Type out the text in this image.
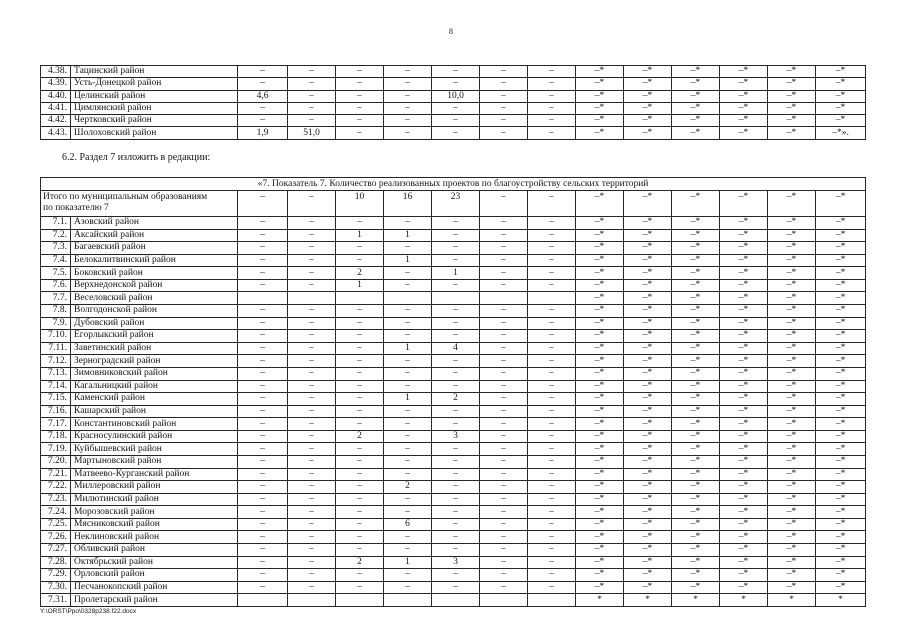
8
4.38.	Тацинский район	–	–	–	–	–	–	–	–*	–*	–*	–*	–*	–*
4.39.	Усть-Донецкой район	–	–	–	–	–	–	–	–*	–*	–*	–*	–*	–*
4.40.	Целинский район	4,6	–	–	–	10,0	–	–	–*	–*	–*	–*	–*	–*
4.41.	Цимлянский район	–	–	–	–	–	–	–	–*	–*	–*	–*	–*	–*
4.42.	Чертковский район	–	–	–	–	–	–	–	–*	–*	–*	–*	–*	–*
4.43.	Шолоховский район	1,9	51,0	–	–	–	–	–	–*	–*	–*	–*	–*	–*».
6.2. Раздел 7 изложить в редакции:
«7. Показатель 7. Количество реализованных проектов по благоустройству сельских территорий														

Итого по муниципальным образованиям
по показателю 7		–	–	10	16	23	–	–	–*	–*	–*	–*	–*	–*
7.1.	Азовский район	–	–	–	–	–	–	–	–*	–*	–*	–*	–*	–*
7.2.	Аксайский район	–	–	1	1	–	–	–	–*	–*	–*	–*	–*	–*
7.3.	Багаевский район	–	–	–	–	–	–	–	–*	–*	–*	–*	–*	–*
7.4.	Белокалитвинский район	–	–	–	1	–	–	–	–*	–*	–*	–*	–*	–*
7.5.	Боковский район	–	–	2	–	1	–	–	–*	–*	–*	–*	–*	–*
7.6.	Верхнедонской район	–	–	1	–	–	–	–	–*	–*	–*	–*	–*	–*
7.7.	Веселовский район								–*	–*	–*	–*	–*	–*
7.8.	Волгодонской район	–	–	–	–	–	–	–	–*	–*	–*	–*	–*	–*
7.9.	Дубовский район	–	–	–	–	–	–	–	–*	–*	–*	–*	–*	–*
7.10.	Егорлыкский район	–	–	–	–	–	–	–	–*	–*	–*	–*	–*	–*
7.11.	Заветинский район	–	–	–	1	4	–	–	–*	–*	–*	–*	–*	–*
7.12.	Зерноградский район	–	–	–	–	–	–	–	–*	–*	–*	–*	–*	–*
7.13.	Зимовниковский район	–	–	–	–	–	–	–	–*	–*	–*	–*	–*	–*
7.14.	Кагальницкий район	–	–	–	–	–	–	–	–*	–*	–*	–*	–*	–*
7.15.	Каменский район	–	–	–	1	2	–	–	–*	–*	–*	–*	–*	–*
7.16.	Кашарский район	–	–	–	–	–	–	–	–*	–*	–*	–*	–*	–*
7.17.	Константиновский район	–	–	–	–	–	–	–	–*	–*	–*	–*	–*	–*
7.18.	Красносулинский район	–	–	2	–	3	–	–	–*	–*	–*	–*	–*	–*
7.19.	Куйбышевский район	–	–	–	–	–	–	–	–*	–*	–*	–*	–*	–*
7.20.	Мартыновский район	–	–	–	–	–	–	–	–*	–*	–*	–*	–*	–*
7.21.	Матвеево-Курганский район	–	–	–	–	–	–	–	–*	–*	–*	–*	–*	–*
7.22.	Миллеровский район	–	–	–	2	–	–	–	–*	–*	–*	–*	–*	–*
7.23.	Милютинский район	–	–	–	–	–	–	–	–*	–*	–*	–*	–*	–*
7.24.	Морозовский район	–	–	–	–	–	–	–	–*	–*	–*	–*	–*	–*
7.25.	Мясниковский район	–	–	–	6	–	–	–	–*	–*	–*	–*	–*	–*
7.26.	Неклиновский район	–	–	–	–	–	–	–	–*	–*	–*	–*	–*	–*
7.27.	Обливский район	–	–	–	–	–	–	–	–*	–*	–*	–*	–*	–*
7.28.	Октябрьский район	–	–	2	1	3	–	–	–*	–*	–*	–*	–*	–*
7.29.	Орловский район	–	–	–	–	–	–	–	–*	–*	–*	–*	–*	–*
7.30.	Песчанокопский район	–	–	–	–	–	–	–	–*	–*	–*	–*	–*	–*
7.31.	Пролетарский район								*	*	*	*	*	*
Y:\ORST\Ppo\0328p238.f22.docx
